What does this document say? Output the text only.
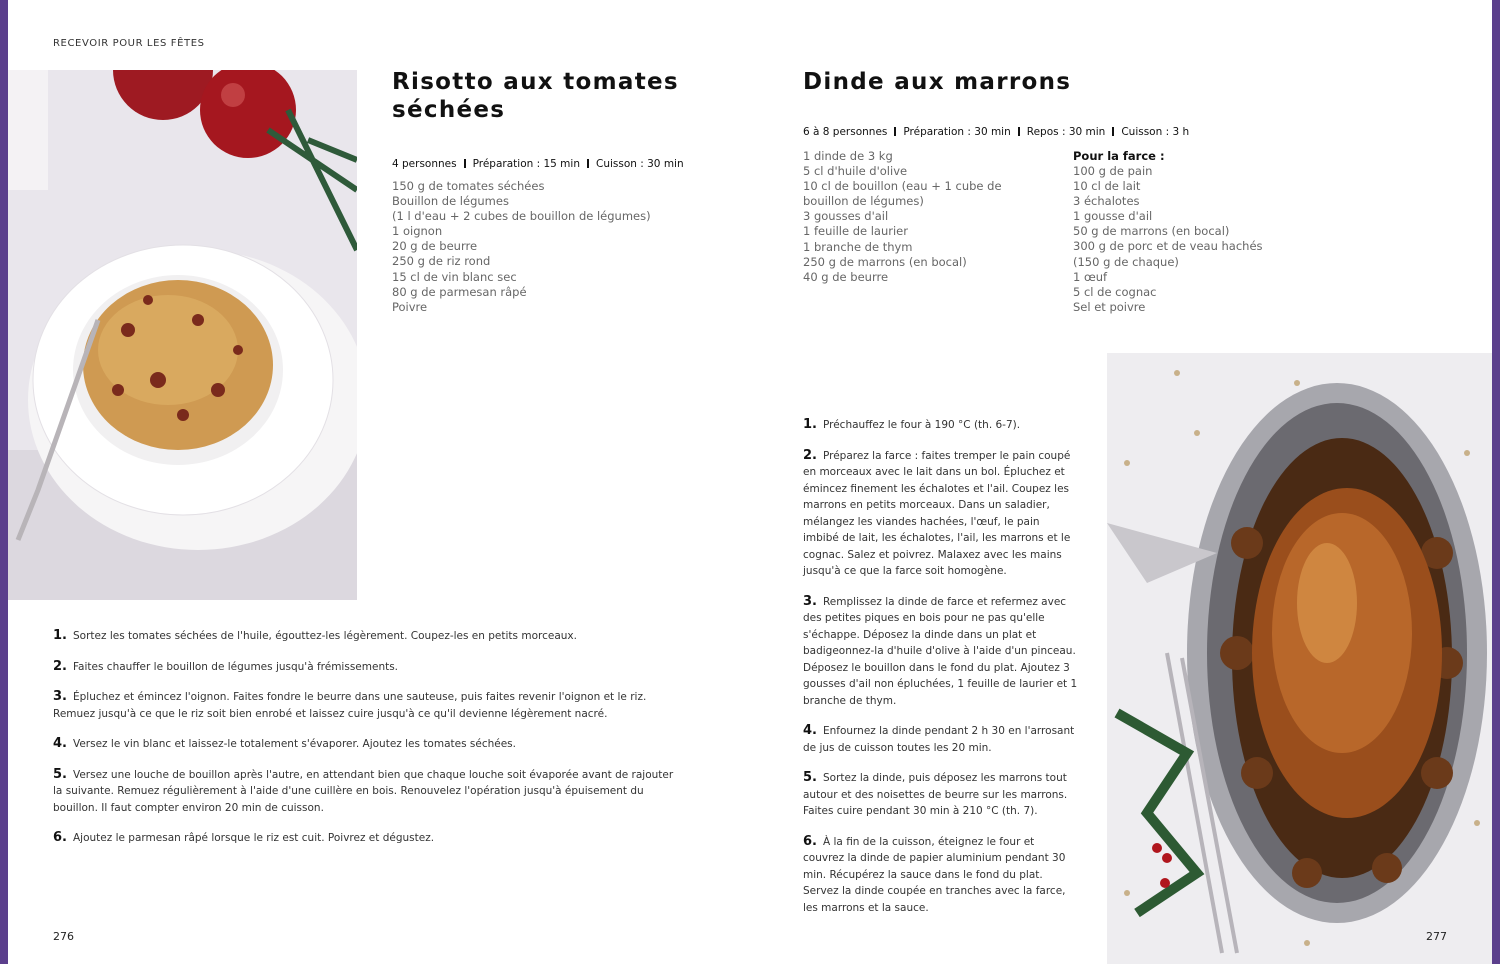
RECEVOIR POUR LES FÊTES
Risotto aux tomates séchées
4 personnes Préparation : 15 min Cuisson : 30 min
150 g de tomates séchées
Bouillon de légumes
(1 l d'eau + 2 cubes de bouillon de légumes)
1 oignon
20 g de beurre
250 g de riz rond
15 cl de vin blanc sec
80 g de parmesan râpé
Poivre
1. Sortez les tomates séchées de l'huile, égouttez-les légèrement. Coupez-les en petits morceaux.
2. Faites chauffer le bouillon de légumes jusqu'à frémissements.
3. Épluchez et émincez l'oignon. Faites fondre le beurre dans une sauteuse, puis faites revenir l'oignon et le riz. Remuez jusqu'à ce que le riz soit bien enrobé et laissez cuire jusqu'à ce qu'il devienne légèrement nacré.
4. Versez le vin blanc et laissez-le totalement s'évaporer. Ajoutez les tomates séchées.
5. Versez une louche de bouillon après l'autre, en attendant bien que chaque louche soit évaporée avant de rajouter la suivante. Remuez régulièrement à l'aide d'une cuillère en bois. Renouvelez l'opération jusqu'à épuisement du bouillon. Il faut compter environ 20 min de cuisson.
6. Ajoutez le parmesan râpé lorsque le riz est cuit. Poivrez et dégustez.
Dinde aux marrons
6 à 8 personnes Préparation : 30 min Repos : 30 min Cuisson : 3 h
1 dinde de 3 kg
5 cl d'huile d'olive
10 cl de bouillon (eau + 1 cube de bouillon de légumes)
3 gousses d'ail
1 feuille de laurier
1 branche de thym
250 g de marrons (en bocal)
40 g de beurre
Pour la farce :
100 g de pain
10 cl de lait
3 échalotes
1 gousse d'ail
50 g de marrons (en bocal)
300 g de porc et de veau hachés
(150 g de chaque)
1 œuf
5 cl de cognac
Sel et poivre
1. Préchauffez le four à 190 °C (th. 6-7).
2. Préparez la farce : faites tremper le pain coupé en morceaux avec le lait dans un bol. Épluchez et émincez finement les échalotes et l'ail. Coupez les marrons en petits morceaux. Dans un saladier, mélangez les viandes hachées, l'œuf, le pain imbibé de lait, les échalotes, l'ail, les marrons et le cognac. Salez et poivrez. Malaxez avec les mains jusqu'à ce que la farce soit homogène.
3. Remplissez la dinde de farce et refermez avec des petites piques en bois pour ne pas qu'elle s'échappe. Déposez la dinde dans un plat et badigeonnez-la d'huile d'olive à l'aide d'un pinceau. Déposez le bouillon dans le fond du plat. Ajoutez 3 gousses d'ail non épluchées, 1 feuille de laurier et 1 branche de thym.
4. Enfournez la dinde pendant 2 h 30 en l'arrosant de jus de cuisson toutes les 20 min.
5. Sortez la dinde, puis déposez les marrons tout autour et des noisettes de beurre sur les marrons. Faites cuire pendant 30 min à 210 °C (th. 7).
6. À la fin de la cuisson, éteignez le four et couvrez la dinde de papier aluminium pendant 30 min. Récupérez la sauce dans le fond du plat. Servez la dinde coupée en tranches avec la farce, les marrons et la sauce.
276	277
